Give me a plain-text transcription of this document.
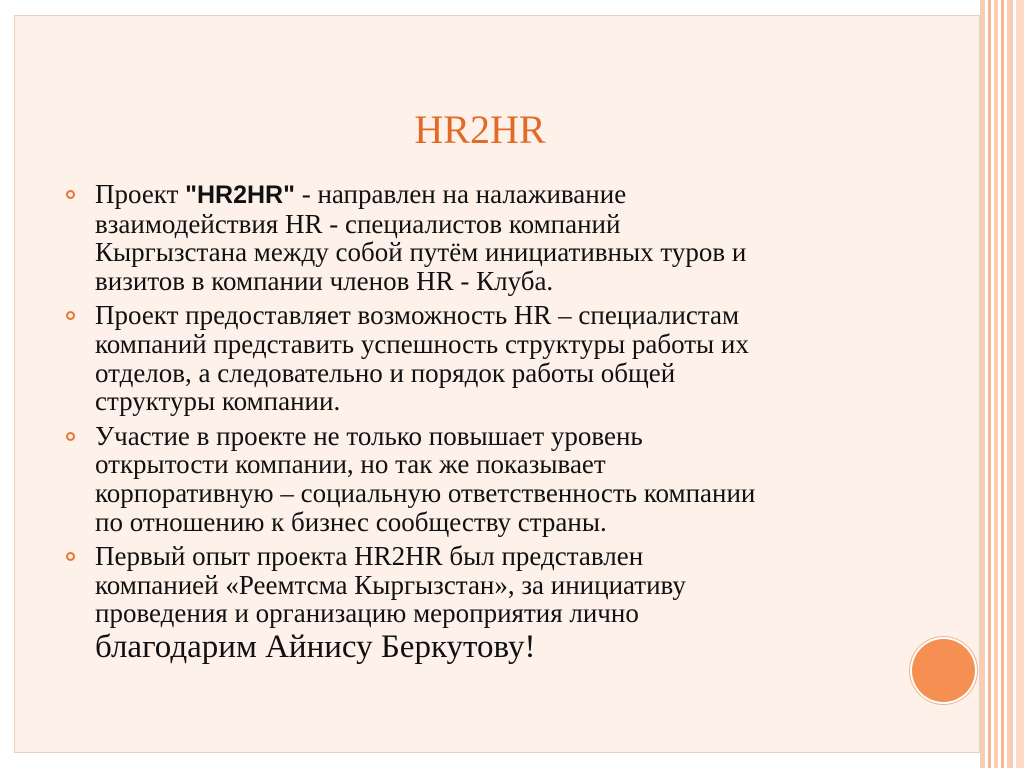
HR2HR
Проект "HR2HR" - направлен на налаживание
взаимодействия HR - специалистов компаний
Кыргызстана между собой путём инициативных туров и
визитов в компании членов HR - Клуба.
Проект предоставляет возможность HR – специалистам
компаний представить успешность структуры работы их
отделов, а следовательно и порядок работы общей
структуры компании.
Участие в проекте не только повышает уровень
открытости компании, но так же показывает
корпоративную – социальную ответственность компании
по отношению к бизнес сообществу страны.
Первый опыт проекта HR2HR был представлен
компанией «Реемтсма Кыргызстан», за инициативу
проведения и организацию мероприятия лично
благодарим Айнису Беркутову!
